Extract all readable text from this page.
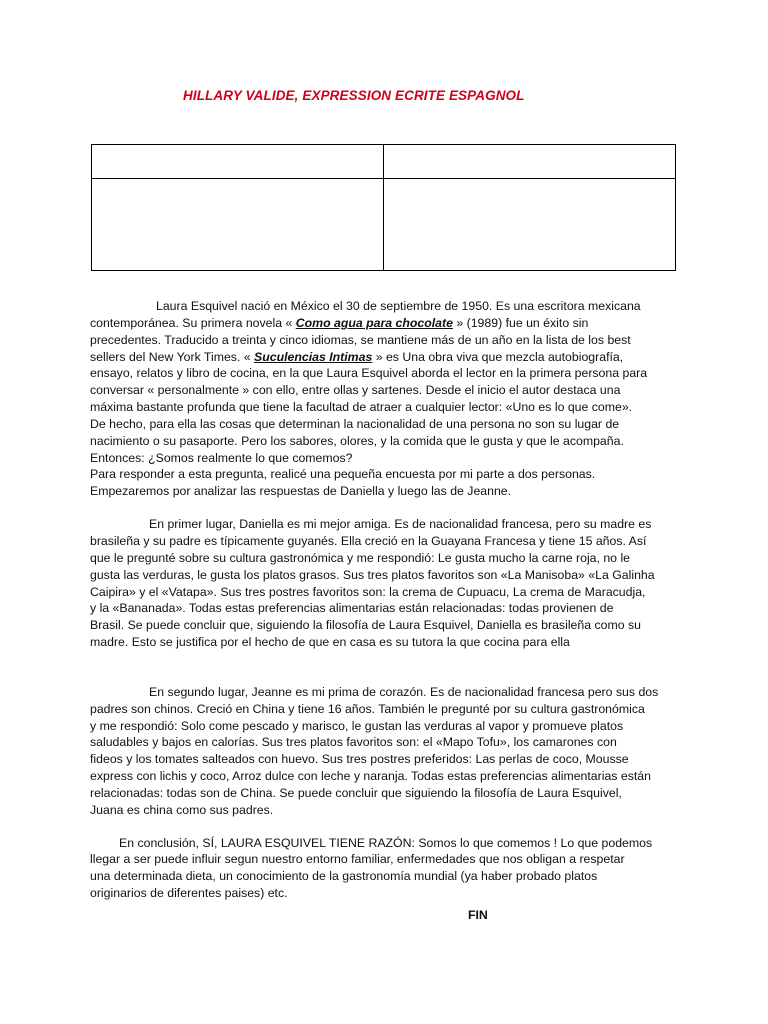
HILLARY VALIDE, EXPRESSION ECRITE ESPAGNOL

Laura Esquivel nació en México el 30 de septiembre de 1950. Es una escritora mexicana
contemporánea. Su primera novela « Como agua para chocolate » (1989) fue un éxito sin
precedentes. Traducido a treinta y cinco idiomas, se mantiene más de un año en la lista de los best
sellers del New York Times. « Suculencias Intimas » es Una obra viva que mezcla autobiografía,
ensayo, relatos y libro de cocina, en la que Laura Esquivel aborda el lector en la primera persona para
conversar « personalmente » con ello, entre ollas y sartenes. Desde el inicio el autor destaca una
máxima bastante profunda que tiene la facultad de atraer a cualquier lector: «Uno es lo que come».
De hecho, para ella las cosas que determinan la nacionalidad de una persona no son su lugar de
nacimiento o su pasaporte. Pero los sabores, olores, y la comida que le gusta y que le acompaña.
Entonces: ¿Somos realmente lo que comemos?
Para responder a esta pregunta, realicé una pequeña encuesta por mi parte a dos personas.
Empezaremos por analizar las respuestas de Daniella y luego las de Jeanne.

En primer lugar, Daniella es mi mejor amiga. Es de nacionalidad francesa, pero su madre es
brasileña y su padre es típicamente guyanés. Ella creció en la Guayana Francesa y tiene 15 años. Así
que le pregunté sobre su cultura gastronómica y me respondió: Le gusta mucho la carne roja, no le
gusta las verduras, le gusta los platos grasos. Sus tres platos favoritos son «La Manisoba» «La Galinha
Caipira» y el «Vatapa». Sus tres postres favoritos son: la crema de Cupuacu, La crema de Maracudja,
y la «Bananada». Todas estas preferencias alimentarias están relacionadas: todas provienen de
Brasil. Se puede concluir que, siguiendo la filosofía de Laura Esquivel, Daniella es brasileña como su
madre. Esto se justifica por el hecho de que en casa es su tutora la que cocina para ella

En segundo lugar, Jeanne es mi prima de corazón. Es de nacionalidad francesa pero sus dos
padres son chinos. Creció en China y tiene 16 años. También le pregunté por su cultura gastronómica
y me respondió: Solo come pescado y marisco, le gustan las verduras al vapor y promueve platos
saludables y bajos en calorías. Sus tres platos favoritos son: el «Mapo Tofu», los camarones con
fideos y los tomates salteados con huevo. Sus tres postres preferidos: Las perlas de coco, Mousse
express con lichis y coco, Arroz dulce con leche y naranja. Todas estas preferencias alimentarias están
relacionadas: todas son de China. Se puede concluir que siguiendo la filosofía de Laura Esquivel,
Juana es china como sus padres.

En conclusión, SÍ, LAURA ESQUIVEL TIENE RAZÓN: Somos lo que comemos ! Lo que podemos
llegar a ser puede influir segun nuestro entorno familiar, enfermedades que nos obligan a respetar
una determinada dieta, un conocimiento de la gastronomía mundial (ya haber probado platos
originarios de diferentes paises) etc.

FIN
